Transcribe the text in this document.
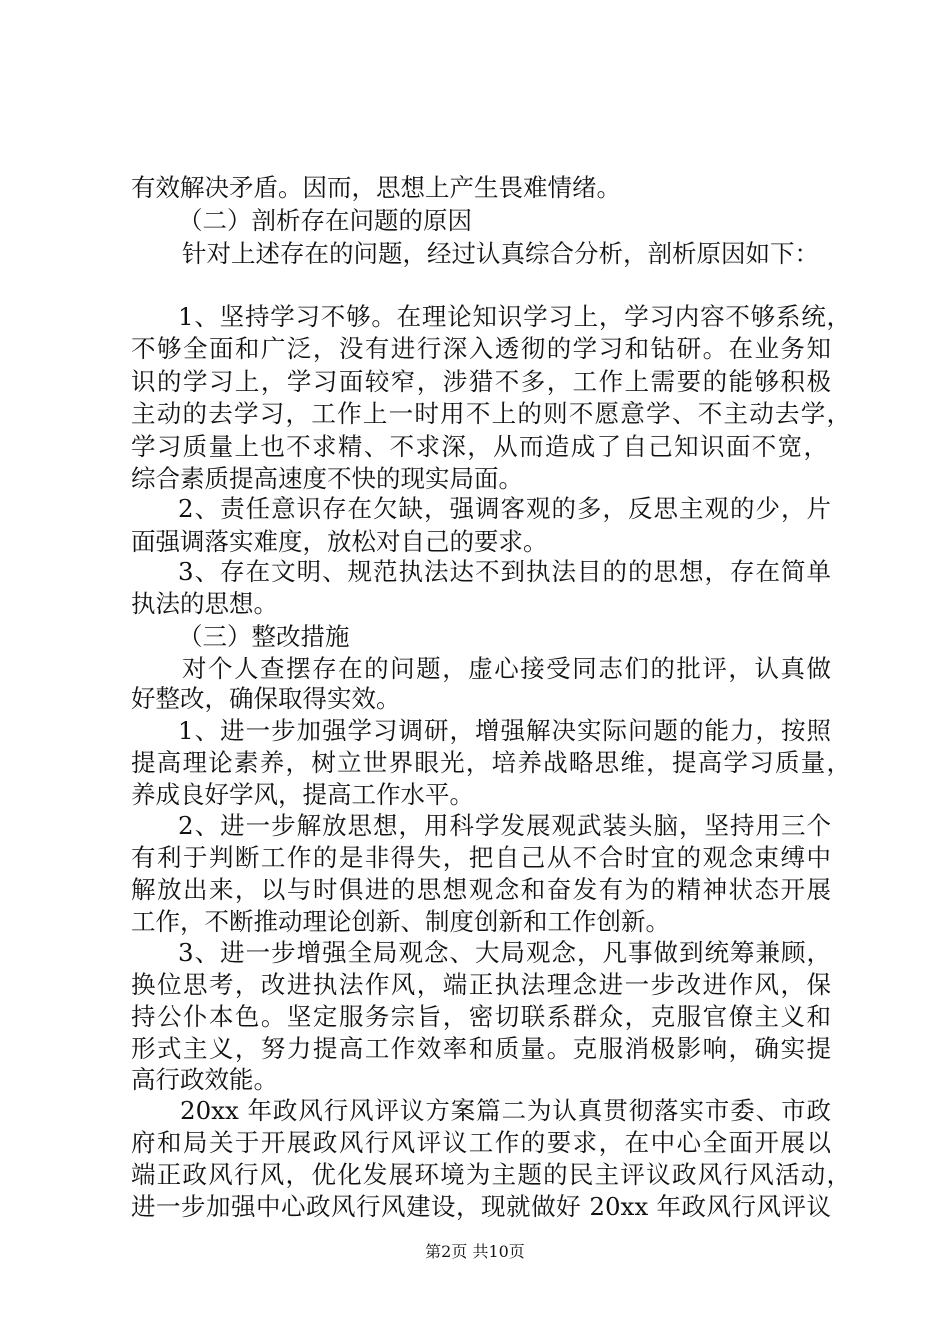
有效解决矛盾。因而，思想上产生畏难情绪。
（二）剖析存在问题的原因
针对上述存在的问题，经过认真综合分析，剖析原因如下：
1、坚持学习不够。在理论知识学习上，学习内容不够系统，
不够全面和广泛，没有进行深入透彻的学习和钻研。在业务知
识的学习上，学习面较窄，涉猎不多，工作上需要的能够积极
主动的去学习，工作上一时用不上的则不愿意学、不主动去学，
学习质量上也不求精、不求深，从而造成了自己知识面不宽，
综合素质提高速度不快的现实局面。
2、责任意识存在欠缺，强调客观的多，反思主观的少，片
面强调落实难度，放松对自己的要求。
3、存在文明、规范执法达不到执法目的的思想，存在简单
执法的思想。
（三）整改措施
对个人查摆存在的问题，虚心接受同志们的批评，认真做
好整改，确保取得实效。
1、进一步加强学习调研，增强解决实际问题的能力，按照
提高理论素养，树立世界眼光，培养战略思维，提高学习质量，
养成良好学风，提高工作水平。
2、进一步解放思想，用科学发展观武装头脑，坚持用三个
有利于判断工作的是非得失，把自己从不合时宜的观念束缚中
解放出来，以与时俱进的思想观念和奋发有为的精神状态开展
工作，不断推动理论创新、制度创新和工作创新。
3、进一步增强全局观念、大局观念，凡事做到统筹兼顾，
换位思考，改进执法作风，端正执法理念进一步改进作风，保
持公仆本色。坚定服务宗旨，密切联系群众，克服官僚主义和
形式主义，努力提高工作效率和质量。克服消极影响，确实提
高行政效能。
20xx 年政风行风评议方案篇二为认真贯彻落实市委、市政
府和局关于开展政风行风评议工作的要求，在中心全面开展以
端正政风行风，优化发展环境为主题的民主评议政风行风活动，
进一步加强中心政风行风建设，现就做好 20xx 年政风行风评议
第2页 共10页
